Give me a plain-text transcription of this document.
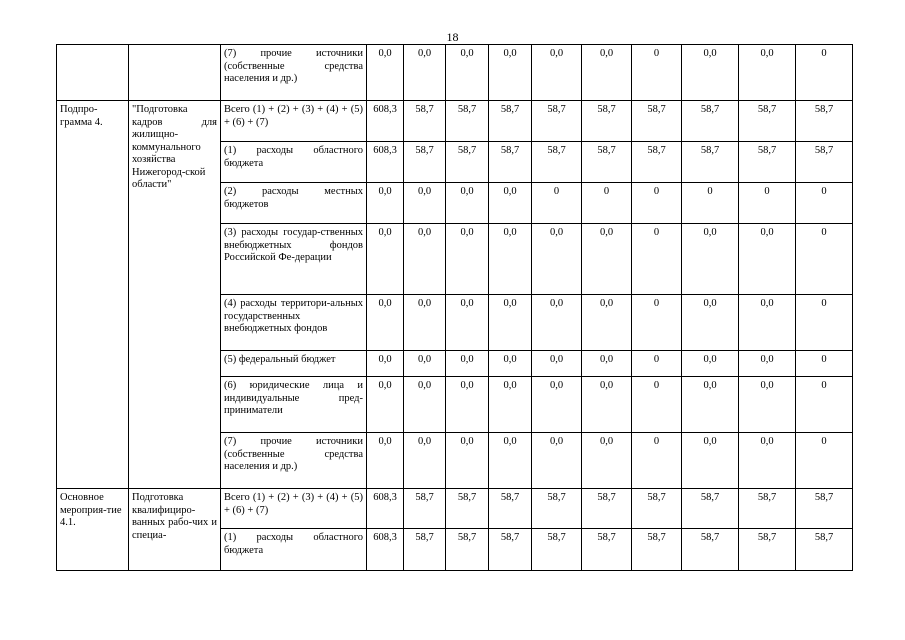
18
		(7) прочие источники (собственные средства населения и др.)	0,0	0,0	0,0	0,0	0,0	0,0	0	0,0	0,0	0
Подпро-грамма 4.	"Подготовка кадров для жилищно-коммунального хозяйства Нижегород-ской области"	Всего (1) + (2) + (3) + (4) + (5) + (6) + (7)	608,3	58,7	58,7	58,7	58,7	58,7	58,7	58,7	58,7	58,7
		(1) расходы областного бюджета	608,3	58,7	58,7	58,7	58,7	58,7	58,7	58,7	58,7	58,7
		(2) расходы местных бюджетов	0,0	0,0	0,0	0,0	0	0	0	0	0	0
		(3) расходы государ-ственных внебюджетных фондов Российской Фе-дерации	0,0	0,0	0,0	0,0	0,0	0,0	0	0,0	0,0	0
		(4) расходы территори-альных государственных внебюджетных фондов	0,0	0,0	0,0	0,0	0,0	0,0	0	0,0	0,0	0
		(5) федеральный бюджет	0,0	0,0	0,0	0,0	0,0	0,0	0	0,0	0,0	0
		(6) юридические лица и индивидуальные пред-приниматели	0,0	0,0	0,0	0,0	0,0	0,0	0	0,0	0,0	0
		(7) прочие источники (собственные средства населения и др.)	0,0	0,0	0,0	0,0	0,0	0,0	0	0,0	0,0	0
Основное мероприя-тие 4.1.	Подготовка квалифициро-ванных рабо-чих и специа-	Всего (1) + (2) + (3) + (4) + (5) + (6) + (7)	608,3	58,7	58,7	58,7	58,7	58,7	58,7	58,7	58,7	58,7
		(1) расходы областного бюджета	608,3	58,7	58,7	58,7	58,7	58,7	58,7	58,7	58,7	58,7
